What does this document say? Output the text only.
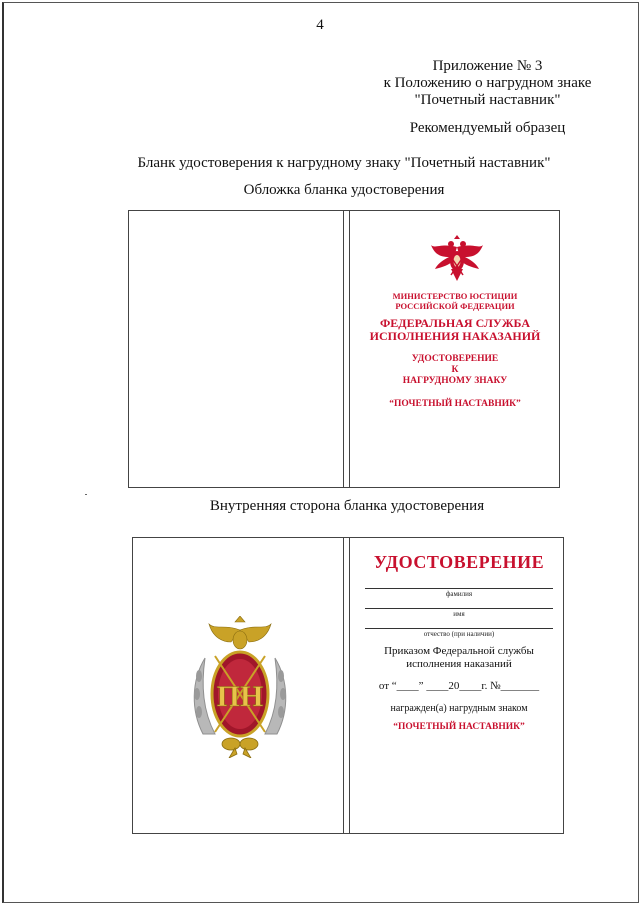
4
Приложение № 3
к Положению о нагрудном знаке
"Почетный наставник"
Рекомендуемый образец
Бланк удостоверения к нагрудному знаку "Почетный наставник"
Обложка бланка удостоверения
МИНИСТЕРСТВО ЮСТИЦИИ
РОССИЙСКОЙ ФЕДЕРАЦИИ
ФЕДЕРАЛЬНАЯ СЛУЖБА
ИСПОЛНЕНИЯ НАКАЗАНИЙ
УДОСТОВЕРЕНИЕ
К
НАГРУДНОМУ ЗНАКУ
“ПОЧЕТНЫЙ НАСТАВНИК”
Внутренняя сторона бланка удостоверения
ПН
УДОСТОВЕРЕНИЕ
фамилия
имя
отчество (при наличии)
Приказом Федеральной службы
исполнения наказаний
от “____” ____20____г. №_______
награжден(а) нагрудным знаком
“ПОЧЕТНЫЙ НАСТАВНИК”
